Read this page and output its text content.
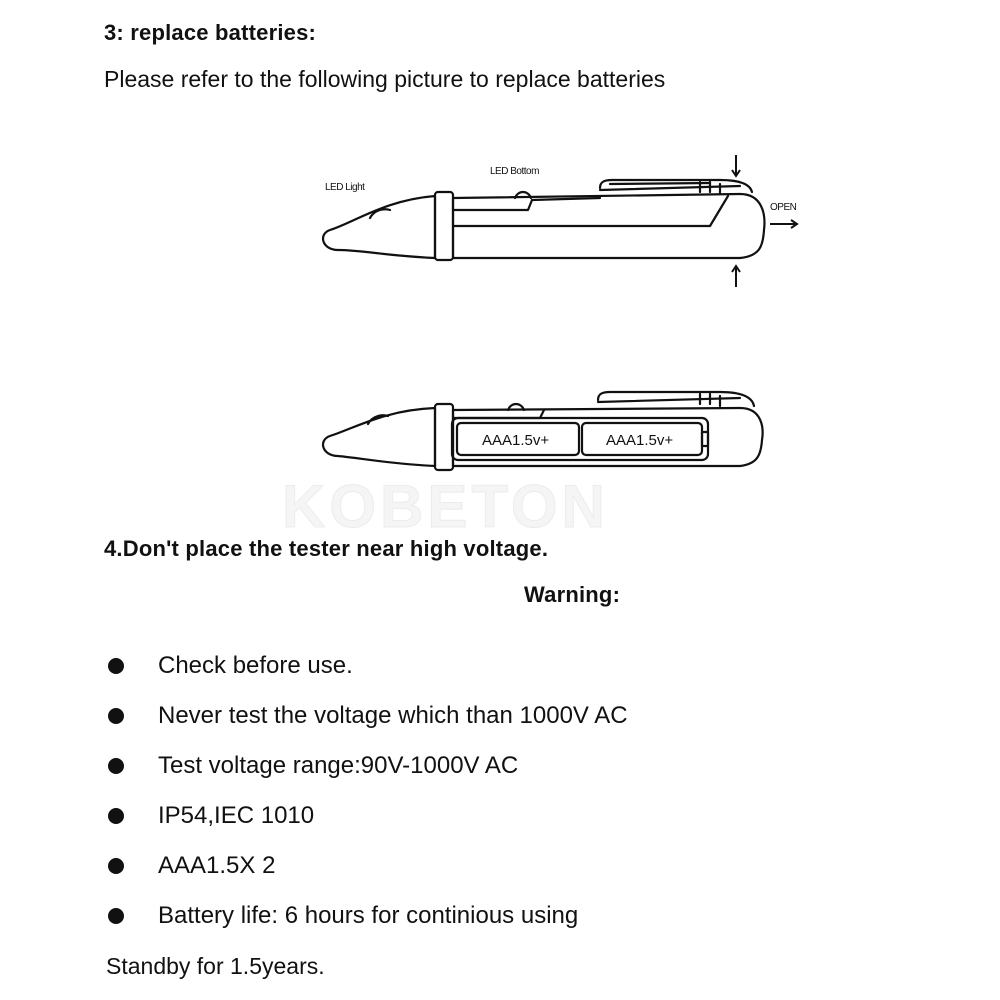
3: replace batteries:
Please refer to the following picture to replace batteries
LED Light
LED Bottom
OPEN
AAA1.5v+	AAA1.5v+
KOBETON
4.Don't place the tester near high voltage.
Warning:
Check before use.
Never test the voltage which than 1000V AC
Test voltage range:90V-1000V AC
IP54,IEC 1010
AAA1.5X 2
Battery life: 6 hours for continious using
Standby for 1.5years.
